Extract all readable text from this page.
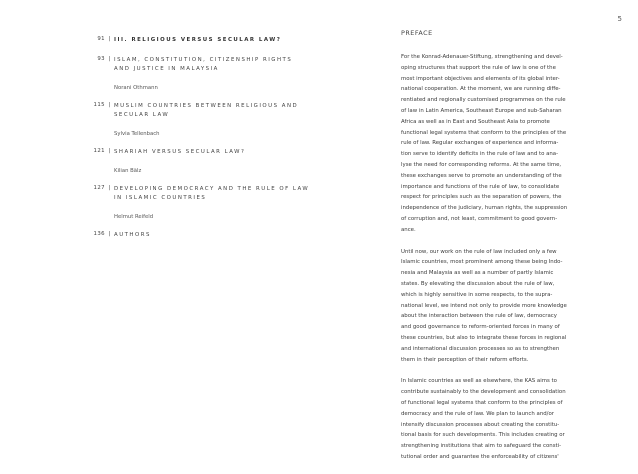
5
91 | III. RELIGIOUS VERSUS SECULAR LAW?
93 | ISLAM, CONSTITUTION, CITIZENSHIP RIGHTS
AND JUSTICE IN MALAYSIA
Norani Othmann
115 | MUSLIM COUNTRIES BETWEEN RELIGIOUS AND
SECULAR LAW
Sylvia Tellenbach
121 | SHARIAH VERSUS SECULAR LAW?
Kilian Bälz
127 | DEVELOPING DEMOCRACY AND THE RULE OF LAW
IN ISLAMIC COUNTRIES
Helmut Reifeld
136 | AUTHORS
PREFACE

For the Konrad-Adenauer-Stiftung, strengthening and devel-
oping structures that support the rule of law is one of the
most important objectives and elements of its global inter-
national cooperation. At the moment, we are running diffe-
rentiated and regionally customised programmes on the rule
of law in Latin America, Southeast Europe and sub-Saharan
Africa as well as in East and Southeast Asia to promote
functional legal systems that conform to the principles of the
rule of law. Regular exchanges of experience and informa-
tion serve to identify deficits in the rule of law and to ana-
lyse the need for corresponding reforms. At the same time,
these exchanges serve to promote an understanding of the
importance and functions of the rule of law, to consolidate
respect for principles such as the separation of powers, the
independence of the judiciary, human rights, the suppression
of corruption and, not least, commitment to good govern-
ance.

Until now, our work on the rule of law included only a few
Islamic countries, most prominent among these being Indo-
nesia and Malaysia as well as a number of partly Islamic
states. By elevating the discussion about the rule of law,
which is highly sensitive in some respects, to the supra-
national level, we intend not only to provide more knowledge
about the interaction between the rule of law, democracy
and good governance to reform-oriented forces in many of
these countries, but also to integrate these forces in regional
and international discussion processes so as to strengthen
them in their perception of their reform efforts.

In Islamic countries as well as elsewhere, the KAS aims to
contribute sustainably to the development and consolidation
of functional legal systems that conform to the principles of
democracy and the rule of law. We plan to launch and/or
intensify discussion processes about creating the constitu-
tional basis for such developments. This includes creating or
strengthening institutions that aim to safeguard the consti-
tutional order and guarantee the enforceability of citizens'
